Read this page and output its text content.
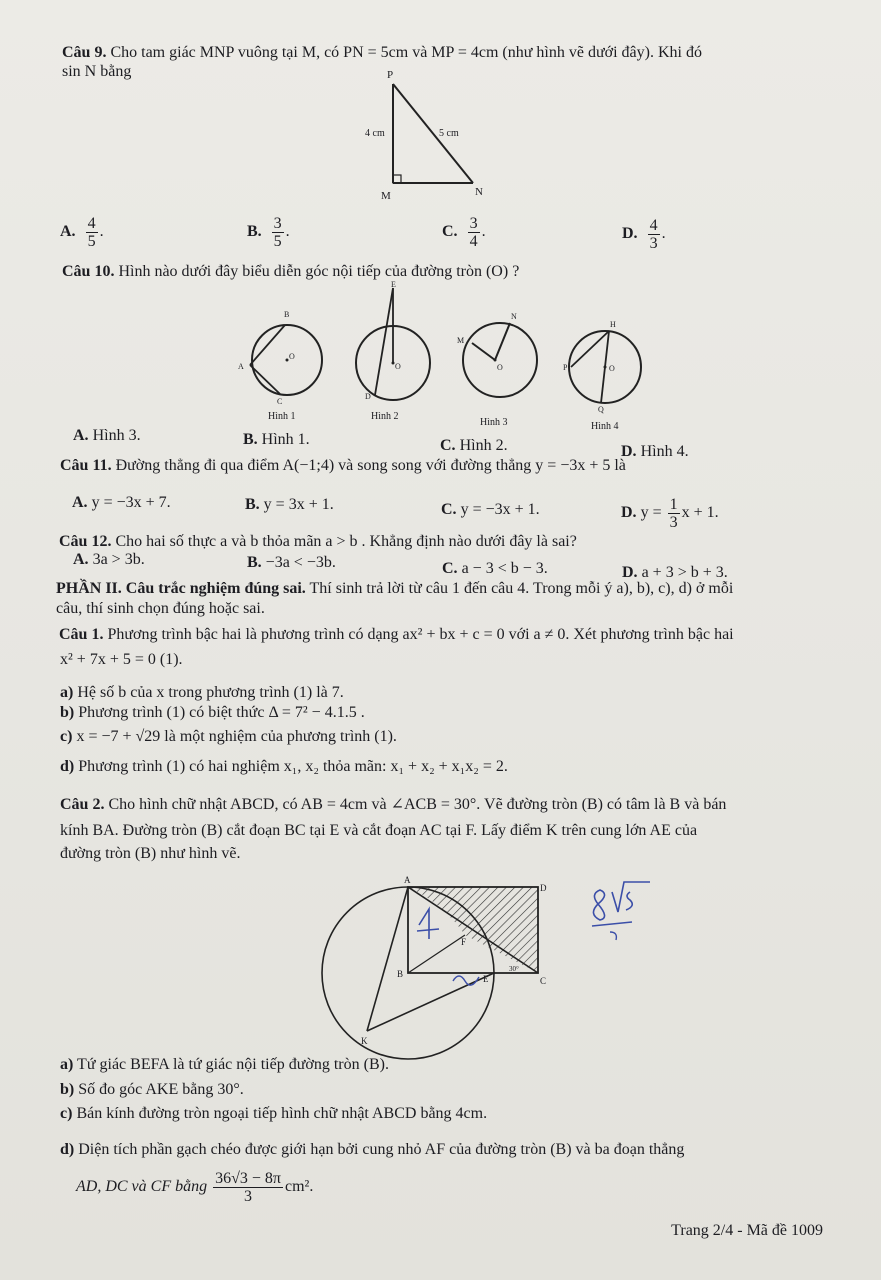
Câu 9. Cho tam giác MNP vuông tại M, có PN = 5cm và MP = 4cm (như hình vẽ dưới đây). Khi đó
sin N bằng	P
M	N
4 cm	5 cm
A. $\frac{4}{5}$ .	B. $\frac{3}{5}$ .	C. $\frac{3}{4}$ .	D. $\frac{4}{3}$ .
Câu 10. Hình nào dưới đây biểu diễn góc nội tiếp của đường tròn (O) ?
B
A
O
C
Hình 1
E
O
D
Hình 2
N
M
O
Hình 3
H
P	O
Q
Hình 4
A. Hình 3.	B. Hình 1.	C. Hình 2.	D. Hình 4.
Câu 11. Đường thẳng đi qua điểm A(−1;4) và song song với đường thẳng y = −3x + 5 là
A. y = −3x + 7.	B. y = 3x + 1.	C. y = −3x + 1.	D. $y = \frac{1}{3}$ x + 1.
Câu 12. Cho hai số thực a và b thỏa mãn a > b . Khẳng định nào dưới đây là sai?
A. 3a > 3b.	B. −3a < −3b.	C. a − 3 < b − 3.	D. a + 3 > b + 3.
PHẦN II. Câu trắc nghiệm đúng sai. Thí sinh trả lời từ câu 1 đến câu 4. Trong mỗi ý a), b), c), d) ở mỗi
câu, thí sinh chọn đúng hoặc sai.
Câu 1. Phương trình bậc hai là phương trình có dạng ax² + bx + c = 0 với a ≠ 0. Xét phương trình bậc hai
x² + 7x + 5 = 0 (1).
a) Hệ số b của x trong phương trình (1) là 7.
b) Phương trình (1) có biệt thức Δ = 7² − 4.1.5 .
c) x = −7 + √29 là một nghiệm của phương trình (1).
d) Phương trình (1) có hai nghiệm x₁, x₂ thỏa mãn: x₁ + x₂ + x₁x₂ = 2.
Câu 2. Cho hình chữ nhật ABCD, có AB = 4cm và ∠ACB = 30°. Vẽ đường tròn (B) có tâm là B và bán
kính BA. Đường tròn (B) cắt đoạn BC tại E và cắt đoạn AC tại F. Lấy điểm K trên cung lớn AE của
đường tròn (B) như hình vẽ.
A
D
B
C
E
F
K
30°
a) Tứ giác BEFA là tứ giác nội tiếp đường tròn (B).
b) Số đo góc AKE bằng 30°.
c) Bán kính đường tròn ngoại tiếp hình chữ nhật ABCD bằng 4cm.
d) Diện tích phần gạch chéo được giới hạn bởi cung nhỏ AF của đường tròn (B) và ba đoạn thẳng
AD, DC và CF bằng $\frac{36√3 - 8\pi}{3} cm^2$.
Trang 2/4 - Mã đề 1009
